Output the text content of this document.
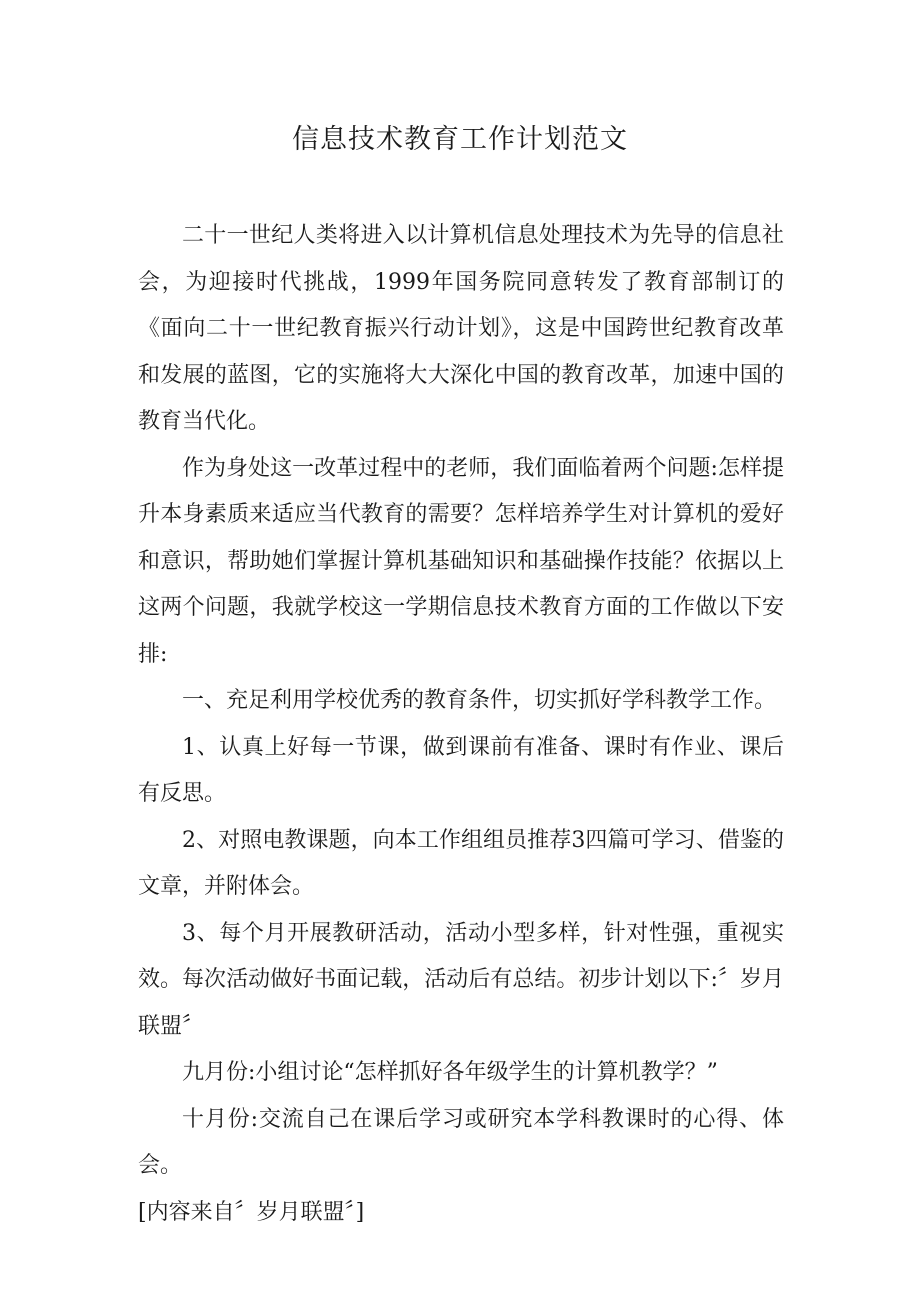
信息技术教育工作计划范文

二十一世纪人类将进入以计算机信息处理技术为先导的信息社会，为迎接时代挑战，1999年国务院同意转发了教育部制订的《面向二十一世纪教育振兴行动计划》，这是中国跨世纪教育改革和发展的蓝图，它的实施将大大深化中国的教育改革，加速中国的教育当代化。

作为身处这一改革过程中的老师，我们面临着两个问题:怎样提升本身素质来适应当代教育的需要？怎样培养学生对计算机的爱好和意识，帮助她们掌握计算机基础知识和基础操作技能？依据以上这两个问题，我就学校这一学期信息技术教育方面的工作做以下安排:

一、充足利用学校优秀的教育条件，切实抓好学科教学工作。

1、认真上好每一节课，做到课前有准备、课时有作业、课后有反思。

2、对照电教课题，向本工作组组员推荐3四篇可学习、借鉴的文章，并附体会。

3、每个月开展教研活动，活动小型多样，针对性强，重视实效。每次活动做好书面记载，活动后有总结。初步计划以下:〞岁月联盟〞

九月份:小组讨论“怎样抓好各年级学生的计算机教学？”

十月份:交流自己在课后学习或研究本学科教课时的心得、体会。

[内容来自〞岁月联盟〞]
